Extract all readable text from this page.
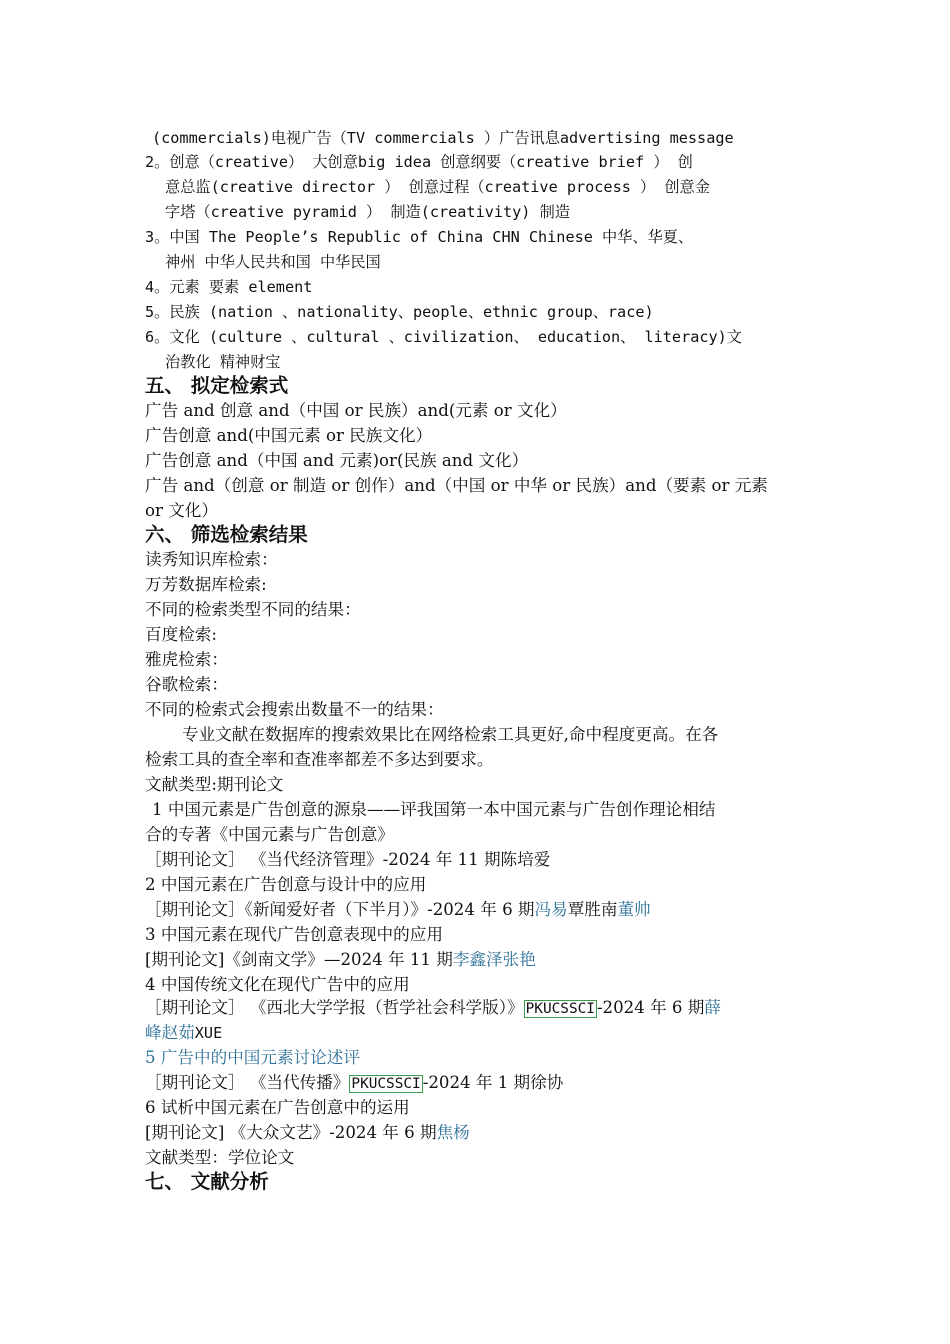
(commercials)电视广告（TV commercials ）广告讯息advertising message
2。创意（creative） 大创意big idea 创意纲要（creative brief ） 创
意总监(creative director ） 创意过程（creative process ） 创意金
字塔（creative pyramid ） 制造(creativity) 制造
3。中国 The People’s Republic of China CHN Chinese 中华、华夏、
神州 中华人民共和国 中华民国
4。元素 要素 element
5。民族 (nation 、nationality、people、ethnic group、race)
6。文化 (culture 、cultural 、civilization、 education、 literacy)文
治教化 精神财宝
五、 拟定检索式
广告 and 创意 and（中国 or 民族）and(元素 or 文化）
广告创意 and(中国元素 or 民族文化）
广告创意 and（中国 and 元素)or(民族 and 文化）
广告 and（创意 or 制造 or 创作）and（中国 or 中华 or 民族）and（要素 or 元素
or 文化）
六、 筛选检索结果
读秀知识库检索：
万芳数据库检索:
不同的检索类型不同的结果：
百度检索:
雅虎检索：
谷歌检索：
不同的检索式会搜索出数量不一的结果：
专业文献在数据库的搜索效果比在网络检索工具更好,命中程度更高。在各
检索工具的查全率和查准率都差不多达到要求。
文献类型:期刊论文
1 中国元素是广告创意的源泉——评我国第一本中国元素与广告创作理论相结
合的专著《中国元素与广告创意》
［期刊论文］ 《当代经济管理》-2024 年 11 期陈培爱
2 中国元素在广告创意与设计中的应用
［期刊论文］《新闻爱好者（下半月）》-2024 年 6 期冯易覃胜南董帅
3 中国元素在现代广告创意表现中的应用
[期刊论文]《剑南文学》—2024 年 11 期李鑫泽张艳
4 中国传统文化在现代广告中的应用
［期刊论文］ 《西北大学学报（哲学社会科学版）》 PKUCSSCI -2024 年 6 期薛
峰赵茹XUE
5 广告中的中国元素讨论述评
［期刊论文］ 《当代传播》 PKUCSSCI -2024 年 1 期徐协
6 试析中国元素在广告创意中的运用
[期刊论文] 《大众文艺》-2024 年 6 期焦杨
文献类型：学位论文
七、 文献分析
